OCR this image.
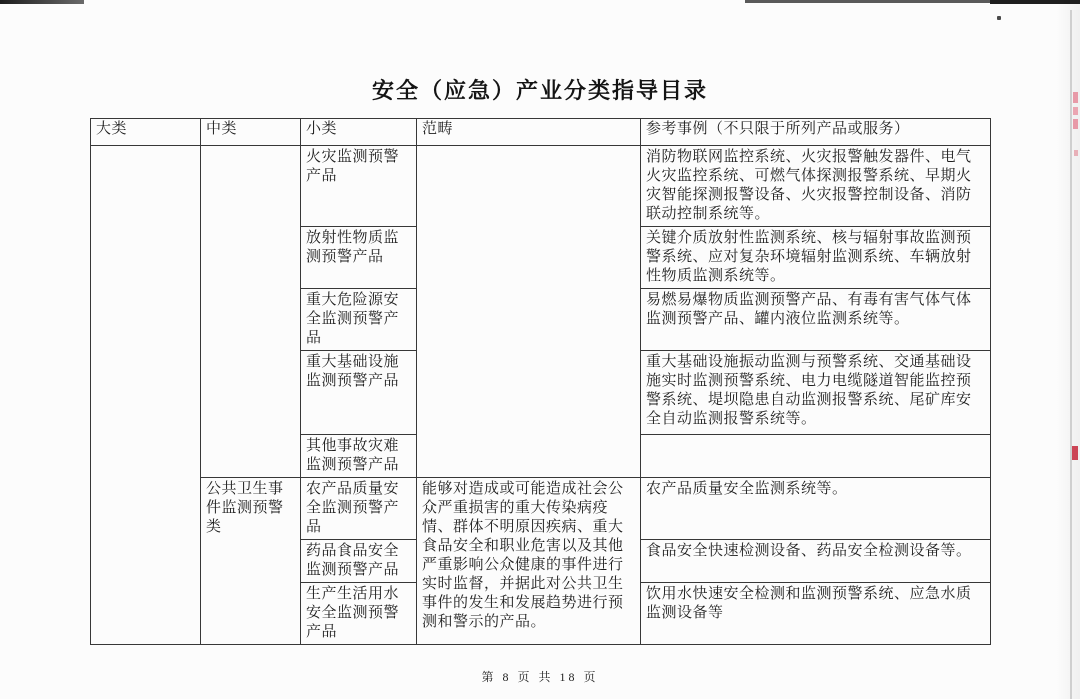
安全（应急）产业分类指导目录
大类	中类	小类	范畴	参考事例（不只限于所列产品或服务）
		火灾监测预警产品		消防物联网监控系统、火灾报警触发器件、电气火灾监控系统、可燃气体探测报警系统、早期火灾智能探测报警设备、火灾报警控制设备、消防联动控制系统等。
		放射性物质监测预警产品		关键介质放射性监测系统、核与辐射事故监测预警系统、应对复杂环境辐射监测系统、车辆放射性物质监测系统等。
		重大危险源安全监测预警产品		易燃易爆物质监测预警产品、有毒有害气体气体监测预警产品、罐内液位监测系统等。
		重大基础设施监测预警产品		重大基础设施振动监测与预警系统、交通基础设施实时监测预警系统、电力电缆隧道智能监控预警系统、堤坝隐患自动监测报警系统、尾矿库安全自动监测报警系统等。
		其他事故灾难监测预警产品		
	公共卫生事件监测预警类	农产品质量安全监测预警产品	能够对造成或可能造成社会公众严重损害的重大传染病疫情、群体不明原因疾病、重大食品安全和职业危害以及其他严重影响公众健康的事件进行实时监督，并据此对公共卫生事件的发生和发展趋势进行预测和警示的产品。	农产品质量安全监测系统等。
		药品食品安全监测预警产品		食品安全快速检测设备、药品安全检测设备等。
		生产生活用水安全监测预警产品		饮用水快速安全检测和监测预警系统、应急水质监测设备等
第 8 页 共 18 页
